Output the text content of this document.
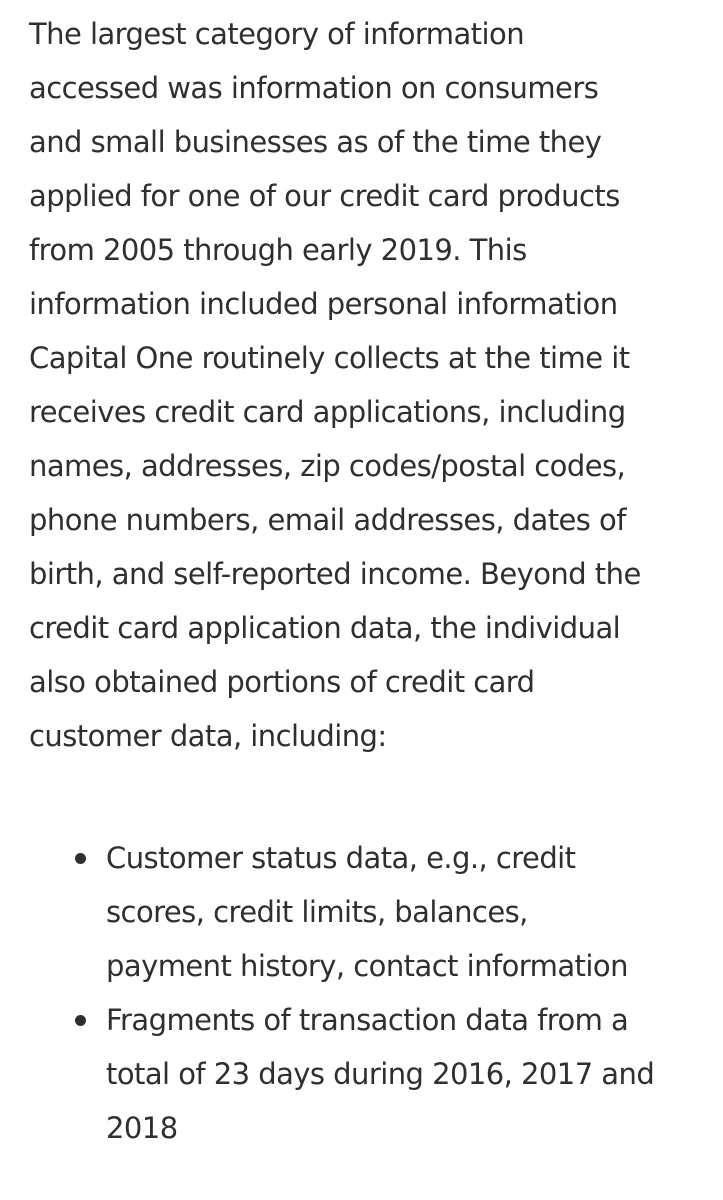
The largest category of information
accessed was information on consumers
and small businesses as of the time they
applied for one of our credit card products
from 2005 through early 2019. This
information included personal information
Capital One routinely collects at the time it
receives credit card applications, including
names, addresses, zip codes/postal codes,
phone numbers, email addresses, dates of
birth, and self-reported income. Beyond the
credit card application data, the individual
also obtained portions of credit card
customer data, including:

Customer status data, e.g., credit
scores, credit limits, balances,
payment history, contact information
Fragments of transaction data from a
total of 23 days during 2016, 2017 and
2018
